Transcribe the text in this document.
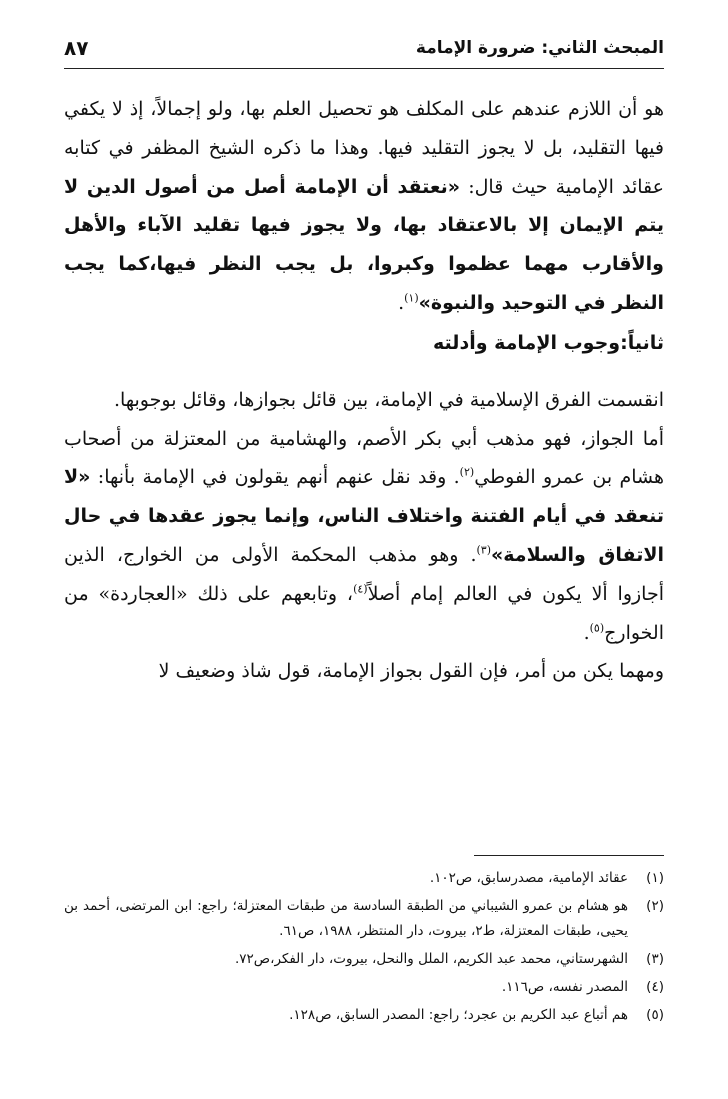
المبحث الثاني: ضرورة الإمامة
٨٧

هو أن اللازم عندهم على المكلف هو تحصيل العلم بها، ولو إجمالاً، إذ لا يكفي فيها التقليد، بل لا يجوز التقليد فيها. وهذا ما ذكره الشيخ المظفر في كتابه عقائد الإمامية حيث قال: «نعتقد أن الإمامة أصل من أصول الدين لا يتم الإيمان إلا بالاعتقاد بها، ولا يجوز فيها تقليد الآباء والأهل والأقارب مهما عظموا وكبروا، بل يجب النظر فيها،كما يجب النظر في التوحيد والنبوة»$^{(١)}$.

ثانياً:وجوب الإمامة وأدلته

انقسمت الفرق الإسلامية في الإمامة، بين قائل بجوازها، وقائل بوجوبها.

أما الجواز، فهو مذهب أبي بكر الأصم، والهشامية من المعتزلة من أصحاب هشام بن عمرو الفوطي$^{(٢)}$. وقد نقل عنهم أنهم يقولون في الإمامة بأنها: «لا تنعقد في أيام الفتنة واختلاف الناس، وإنما يجوز عقدها في حال الاتفاق والسلامة»$^{(٣)}$. وهو مذهب المحكمة الأولى من الخوارج، الذين أجازوا ألا يكون في العالم إمام أصلاً$^{(٤)}$، وتابعهم على ذلك «العجاردة» من الخوارج$^{(٥)}$.

ومهما يكن من أمر، فإن القول بجواز الإمامة، قول شاذ وضعيف لا

(١)
عقائد الإمامية، مصدرسابق، ص١٠٢.
(٢)
هو هشام بن عمرو الشيباني من الطبقة السادسة من طبقات المعتزلة؛ راجع: ابن المرتضى، أحمد بن يحيى، طبقات المعتزلة، ط٢، بيروت، دار المنتظر، ١٩٨٨، ص٦١.
(٣)
الشهرستاني، محمد عبد الكريم، الملل والنحل، بيروت، دار الفكر،ص٧٢.
(٤)
المصدر نفسه، ص١١٦.
(٥)
هم أتباع عبد الكريم بن عجرد؛ راجع: المصدر السابق، ص١٢٨.
